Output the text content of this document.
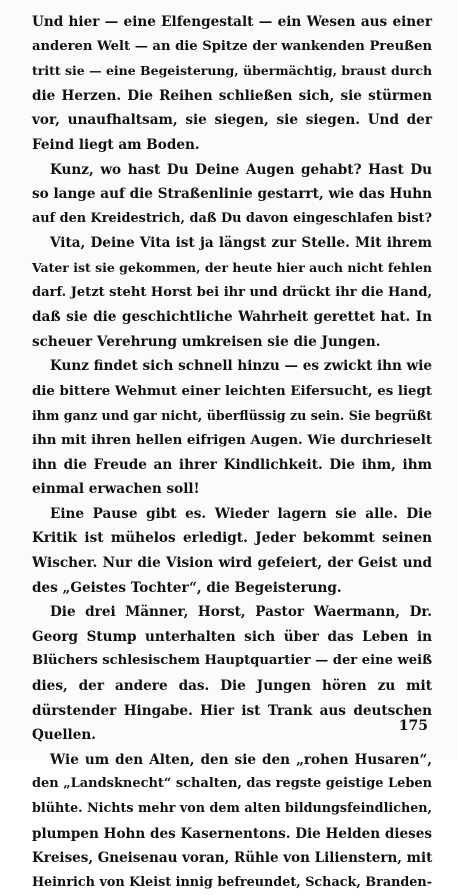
Und hier — eine Elfengestalt — ein Wesen aus einer
anderen Welt — an die Spitze der wankenden Preußen
tritt sie — eine Begeisterung, übermächtig, braust durch
die Herzen. Die Reihen schließen sich, sie stürmen
vor, unaufhaltsam, sie siegen, sie siegen. Und der
Feind liegt am Boden.
Kunz, wo hast Du Deine Augen gehabt? Hast Du
so lange auf die Straßenlinie gestarrt, wie das Huhn
auf den Kreidestrich, daß Du davon eingeschlafen bist?
Vita, Deine Vita ist ja längst zur Stelle. Mit ihrem
Vater ist sie gekommen, der heute hier auch nicht fehlen
darf. Jetzt steht Horst bei ihr und drückt ihr die Hand,
daß sie die geschichtliche Wahrheit gerettet hat. In
scheuer Verehrung umkreisen sie die Jungen.
Kunz findet sich schnell hinzu — es zwickt ihn wie
die bittere Wehmut einer leichten Eifersucht, es liegt
ihm ganz und gar nicht, überflüssig zu sein. Sie begrüßt
ihn mit ihren hellen eifrigen Augen. Wie durchrieselt
ihn die Freude an ihrer Kindlichkeit. Die ihm, ihm
einmal erwachen soll!
Eine Pause gibt es. Wieder lagern sie alle. Die
Kritik ist mühelos erledigt. Jeder bekommt seinen
Wischer. Nur die Vision wird gefeiert, der Geist und
des „Geistes Tochter“, die Begeisterung.
Die drei Männer, Horst, Pastor Waermann, Dr.
Georg Stump unterhalten sich über das Leben in
Blüchers schlesischem Hauptquartier — der eine weiß
dies, der andere das. Die Jungen hören zu mit
dürstender Hingabe. Hier ist Trank aus deutschen
Quellen.
Wie um den Alten, den sie den „rohen Husaren“,
den „Landsknecht“ schalten, das regste geistige Leben
blühte. Nichts mehr von dem alten bildungsfeindlichen,
plumpen Hohn des Kasernentons. Die Helden dieses
Kreises, Gneisenau voran, Rühle von Lilienstern, mit
Heinrich von Kleist innig befreundet, Schack, Branden-
175
